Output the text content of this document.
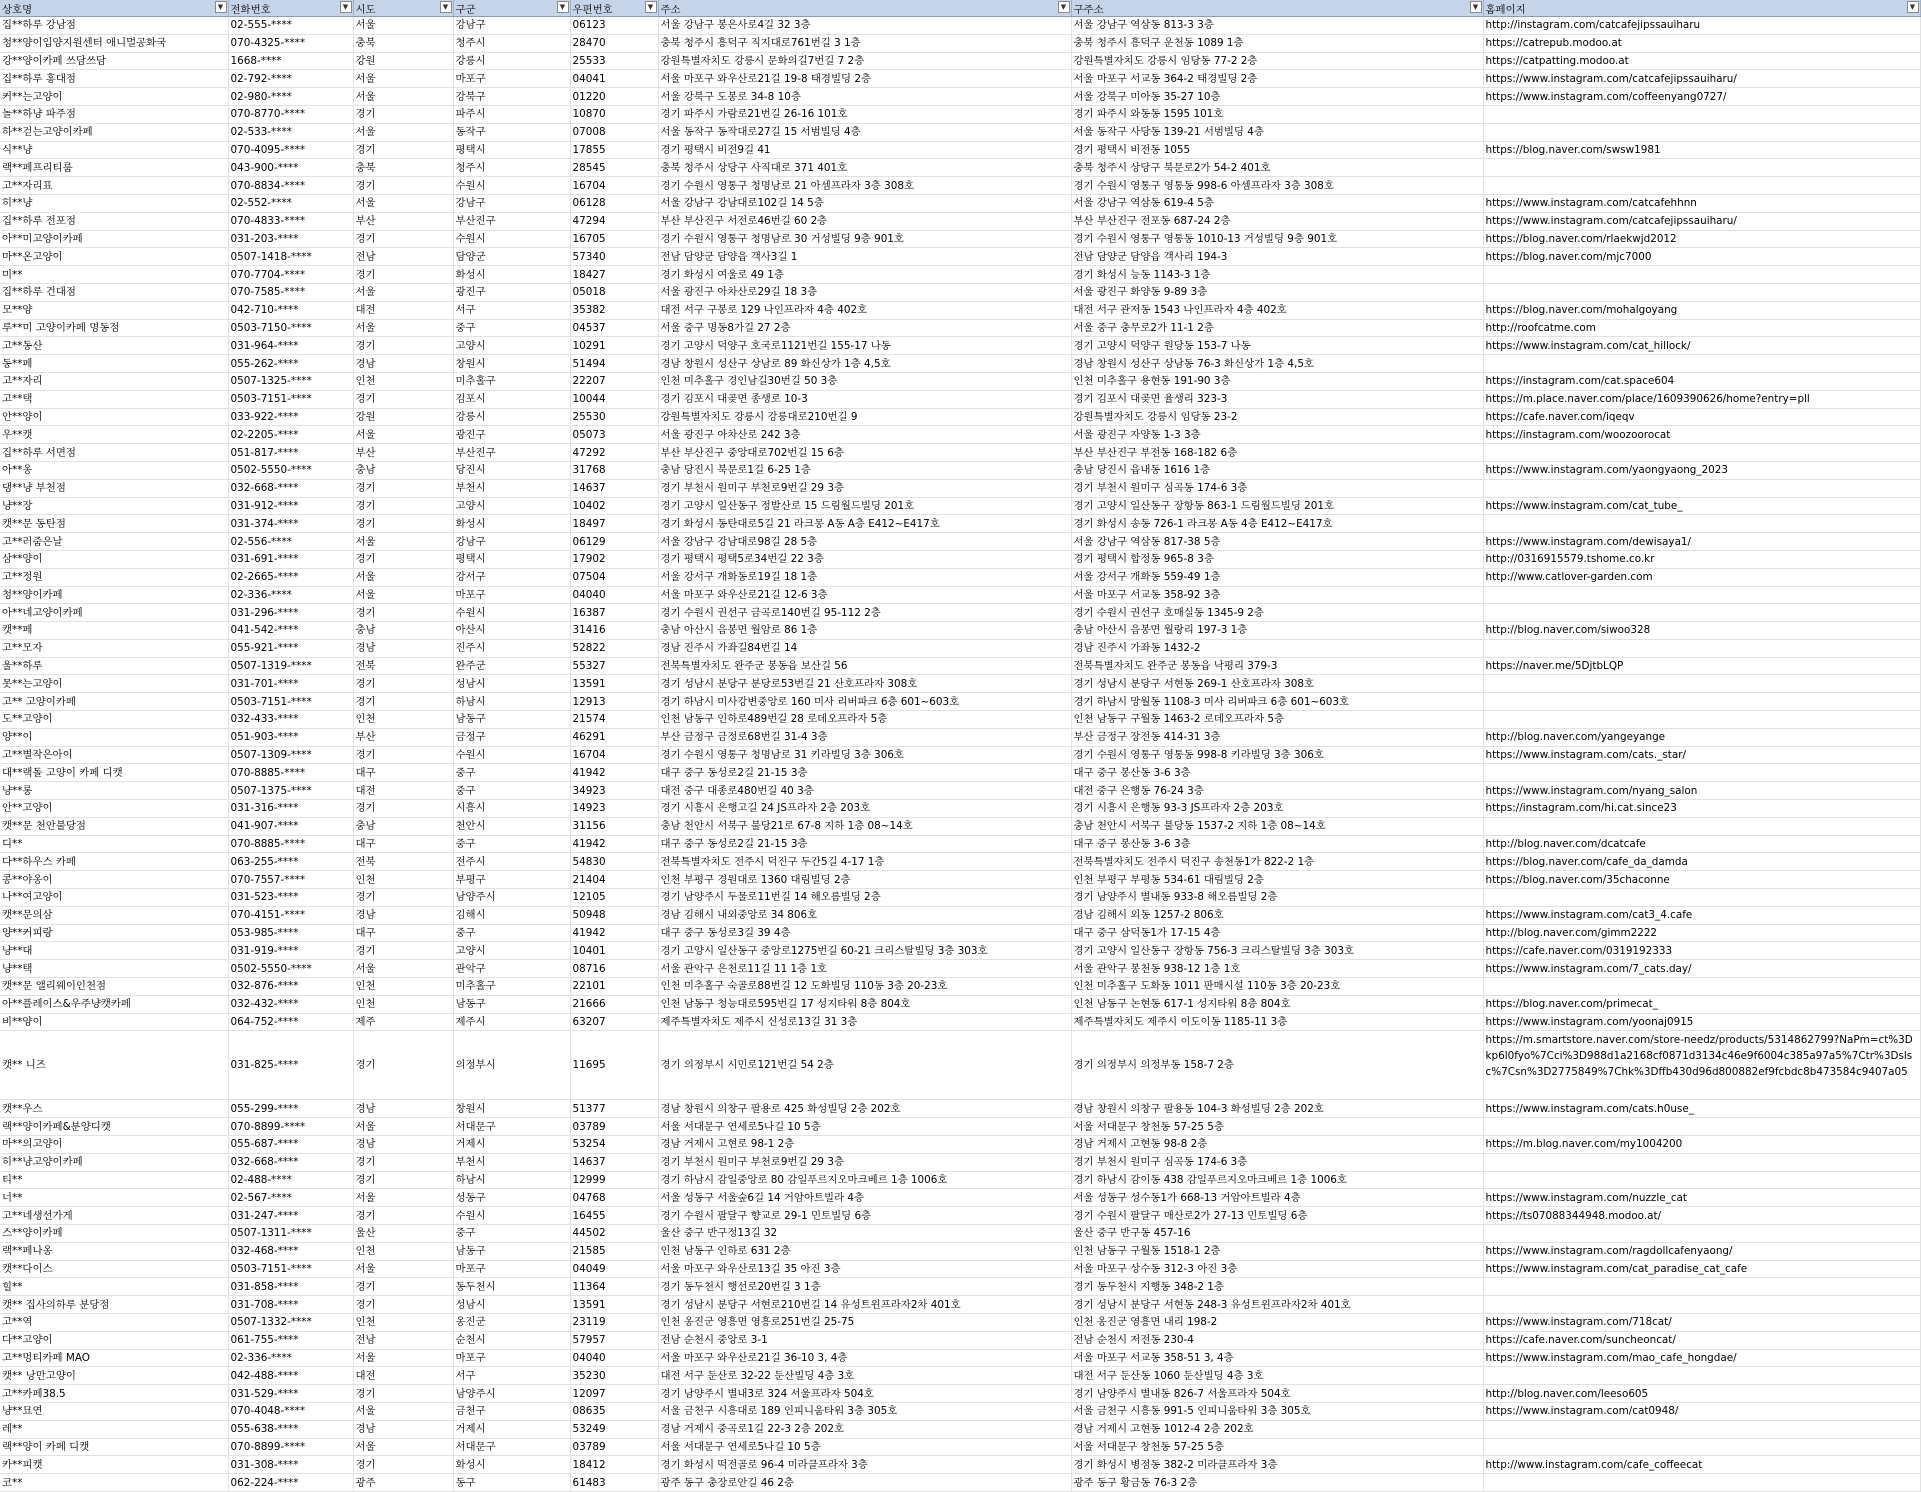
상호명 ▼	전화번호 ▼	시도 ▼	구군 ▼	우편번호 ▼	주소 ▼	구주소 ▼	홈페이지 ▼

집**하루 강남점	02-555-****	서울	강남구	06123	서울 강남구 봉은사로4길 32 3층	서울 강남구 역삼동 813-3 3층	http://instagram.com/catcafejipssauiharu
청**양이입양지원센터 애니멀공화국	070-4325-****	충북	청주시	28470	충북 청주시 흥덕구 직지대로761번길 3 1층	충북 청주시 흥덕구 운천동 1089 1층	https://catrepub.modoo.at
강**양이카페 쓰담쓰담	1668-****	강원	강릉시	25533	강원특별자치도 강릉시 문화의길7번길 7 2층	강원특별자치도 강릉시 임당동 77-2 2층	https://catpatting.modoo.at
집**하루 홍대점	02-792-****	서울	마포구	04041	서울 마포구 와우산로21길 19-8 태경빌딩 2층	서울 마포구 서교동 364-2 태경빌딩 2층	https://www.instagram.com/catcafejipssauiharu/
커**는고양이	02-980-****	서울	강북구	01220	서울 강북구 도봉로 34-8 10층	서울 강북구 미아동 35-27 10층	https://www.instagram.com/coffeenyang0727/
놀**하냥 파주점	070-8770-****	경기	파주시	10870	경기 파주시 가람로21번길 26-16 101호	경기 파주시 와동동 1595 101호	
하**걷는고양이카페	02-533-****	서울	동작구	07008	서울 동작구 동작대로27길 15 서범빌딩 4층	서울 동작구 사당동 139-21 서범빌딩 4층	
식**냥	070-4095-****	경기	평택시	17855	경기 평택시 비전9길 41	경기 평택시 비전동 1055	https://blog.naver.com/swsw1981
랙**페프리티룸	043-900-****	충북	청주시	28545	충북 청주시 상당구 사직대로 371 401호	충북 청주시 상당구 북문로2가 54-2 401호	
고**자리표	070-8834-****	경기	수원시	16704	경기 수원시 영통구 청명남로 21 아셈프라자 3층 308호	경기 수원시 영통구 영통동 998-6 아셈프라자 3층 308호	
히**냥	02-552-****	서울	강남구	06128	서울 강남구 강남대로102길 14 5층	서울 강남구 역삼동 619-4 5층	https://www.instagram.com/catcafehhnn
집**하루 전포점	070-4833-****	부산	부산진구	47294	부산 부산진구 서전로46번길 60 2층	부산 부산진구 전포동 687-24 2층	https://www.instagram.com/catcafejipssauiharu/
아**미고양이카페	031-203-****	경기	수원시	16705	경기 수원시 영통구 청명남로 30 거성빌딩 9층 901호	경기 수원시 영통구 영통동 1010-13 거성빌딩 9층 901호	https://blog.naver.com/rlaekwjd2012
마**온고양이	0507-1418-****	전남	담양군	57340	전남 담양군 담양읍 객사3길 1	전남 담양군 담양읍 객사리 194-3	https://blog.naver.com/mjc7000
미**	070-7704-****	경기	화성시	18427	경기 화성시 여울로 49 1층	경기 화성시 능동 1143-3 1층	
집**하루 건대점	070-7585-****	서울	광진구	05018	서울 광진구 아차산로29길 18 3층	서울 광진구 화양동 9-89 3층	
모**양	042-710-****	대전	서구	35382	대전 서구 구봉로 129 나인프라자 4층 402호	대전 서구 관저동 1543 나인프라자 4층 402호	https://blog.naver.com/mohalgoyang
루**미 고양이카페 명동점	0503-7150-****	서울	중구	04537	서울 중구 명동8가길 27 2층	서울 중구 충무로2가 11-1 2층	http://roofcatme.com
고**동산	031-964-****	경기	고양시	10291	경기 고양시 덕양구 호국로1121번길 155-17 나동	경기 고양시 덕양구 원당동 153-7 나동	https://www.instagram.com/cat_hillock/
동**페	055-262-****	경남	창원시	51494	경남 창원시 성산구 상남로 89 화신상가 1층 4,5호	경남 창원시 성산구 상남동 76-3 화신상가 1층 4,5호	
고**자리	0507-1325-****	인천	미추홀구	22207	인천 미추홀구 경인남길30번길 50 3층	인천 미추홀구 용현동 191-90 3층	https://instagram.com/cat.space604
고**택	0503-7151-****	경기	김포시	10044	경기 김포시 대곶면 종생로 10-3	경기 김포시 대곶면 율생리 323-3	https://m.place.naver.com/place/1609390626/home?entry=pll
안**양이	033-922-****	강원	강릉시	25530	강원특별자치도 강릉시 강릉대로210번길 9	강원특별자치도 강릉시 임당동 23-2	https://cafe.naver.com/iqeqv
우**캣	02-2205-****	서울	광진구	05073	서울 광진구 아차산로 242 3층	서울 광진구 자양동 1-3 3층	https://instagram.com/woozoorocat
집**하루 서면점	051-817-****	부산	부산진구	47292	부산 부산진구 중앙대로702번길 15 6층	부산 부산진구 부전동 168-182 6층	
아**옹	0502-5550-****	충남	당진시	31768	충남 당진시 북문로1길 6-25 1층	충남 당진시 읍내동 1616 1층	https://www.instagram.com/yaongyaong_2023
댕**냥 부천점	032-668-****	경기	부천시	14637	경기 부천시 원미구 부천로9번길 29 3층	경기 부천시 원미구 심곡동 174-6 3층	
냥**장	031-912-****	경기	고양시	10402	경기 고양시 일산동구 정발산로 15 드림월드빌딩 201호	경기 고양시 일산동구 장항동 863-1 드림월드빌딩 201호	https://www.instagram.com/cat_tube_
캣**문 동탄점	031-374-****	경기	화성시	18497	경기 화성시 동탄대로5길 21 라크몽 A동 A층 E412~E417호	경기 화성시 송동 726-1 라크몽 A동 4층 E412~E417호	
고**러줌은날	02-556-****	서울	강남구	06129	서울 강남구 강남대로98길 28 5층	서울 강남구 역삼동 817-38 5층	https://www.instagram.com/dewisaya1/
삼**양이	031-691-****	경기	평택시	17902	경기 평택시 평택5로34번길 22 3층	경기 평택시 합정동 965-8 3층	http://0316915579.tshome.co.kr
고**정원	02-2665-****	서울	강서구	07504	서울 강서구 개화동로19길 18 1층	서울 강서구 개화동 559-49 1층	http://www.catlover-garden.com
청**양이카페	02-336-****	서울	마포구	04040	서울 마포구 와우산로21길 12-6 3층	서울 마포구 서교동 358-92 3층	
아**네고양이카페	031-296-****	경기	수원시	16387	경기 수원시 권선구 금곡로140번길 95-112 2층	경기 수원시 권선구 호매실동 1345-9 2층	
캣**페	041-542-****	충남	아산시	31416	충남 아산시 음봉면 월암로 86 1층	충남 아산시 음봉면 월랑리 197-3 1층	http://blog.naver.com/siwoo328
고**모자	055-921-****	경남	진주시	52822	경남 진주시 가좌길84번길 14	경남 진주시 가좌동 1432-2	
울**하루	0507-1319-****	전북	완주군	55327	전북특별자치도 완주군 봉동읍 보산길 56	전북특별자치도 완주군 봉동읍 낙평리 379-3	https://naver.me/5DjtbLQP
못**는고양이	031-701-****	경기	성남시	13591	경기 성남시 분당구 분당로53번길 21 산호프라자 308호	경기 성남시 분당구 서현동 269-1 산호프라자 308호	
고** 고양이카페	0503-7151-****	경기	하남시	12913	경기 하남시 미사강변중앙로 160 미사 리버파크 6층 601~603호	경기 하남시 망월동 1108-3 미사 리버파크 6층 601~603호	
도**고양이	032-433-****	인천	남동구	21574	인천 남동구 인하로489번길 28 로데오프라자 5층	인천 남동구 구월동 1463-2 로데오프라자 5층	
양**이	051-903-****	부산	금정구	46291	부산 금정구 금정로68번길 31-4 3층	부산 금정구 장전동 414-31 3층	http://blog.naver.com/yangeyange
고**별작은아이	0507-1309-****	경기	수원시	16704	경기 수원시 영통구 청명남로 31 키라빌딩 3층 306호	경기 수원시 영통구 영통동 998-8 키라빌딩 3층 306호	https://www.instagram.com/cats._star/
대**랙돌 고양이 카페 디캣	070-8885-****	대구	중구	41942	대구 중구 동성로2길 21-15 3층	대구 중구 봉산동 3-6 3층	
냥**롱	0507-1375-****	대전	중구	34923	대전 중구 대종로480번길 40 3층	대전 중구 은행동 76-24 3층	https://www.instagram.com/nyang_salon
안**고양이	031-316-****	경기	시흥시	14923	경기 시흥시 은행고길 24 JS프라자 2층 203호	경기 시흥시 은행동 93-3 JS프라자 2층 203호	https://instagram.com/hi.cat.since23
캣**문 천안불당점	041-907-****	충남	천안시	31156	충남 천안시 서북구 불당21로 67-8 지하 1층 08~14호	충남 천안시 서북구 불당동 1537-2 지하 1층 08~14호	
디**	070-8885-****	대구	중구	41942	대구 중구 동성로2길 21-15 3층	대구 중구 봉산동 3-6 3층	http://blog.naver.com/dcatcafe
다**하우스 카페	063-255-****	전북	전주시	54830	전북특별자치도 전주시 덕진구 두간5길 4-17 1층	전북특별자치도 전주시 덕진구 송천동1가 822-2 1층	https://blog.naver.com/cafe_da_damda
콩**야옹이	070-7557-****	인천	부평구	21404	인천 부평구 경원대로 1360 대림빌딩 2층	인천 부평구 부평동 534-61 대림빌딩 2층	https://blog.naver.com/35chaconne
나**여고양이	031-523-****	경기	남양주시	12105	경기 남양주시 두물로11번길 14 해오름빌딩 2층	경기 남양주시 별내동 933-8 해오름빌딩 2층	
캣**문의삼	070-4151-****	경남	김해시	50948	경남 김해시 내외중앙로 34 806호	경남 김해시 외동 1257-2 806호	https://www.instagram.com/cat3_4.cafe
양**커피랑	053-985-****	대구	중구	41942	대구 중구 동성로3길 39 4층	대구 중구 삼덕동1가 17-15 4층	http://blog.naver.com/gimm2222
냥**대	031-919-****	경기	고양시	10401	경기 고양시 일산동구 중앙로1275번길 60-21 크리스탈빌딩 3층 303호	경기 고양시 일산동구 장항동 756-3 크리스탈빌딩 3층 303호	https://cafe.naver.com/0319192333
냥**택	0502-5550-****	서울	관악구	08716	서울 관악구 은천로11길 11 1층 1호	서울 관악구 봉천동 938-12 1층 1호	https://www.instagram.com/7_cats.day/
캣**문 앨리웨이인천점	032-876-****	인천	미추홀구	22101	인천 미추홀구 숙골로88번길 12 도화빌딩 110동 3층 20-23호	인천 미추홀구 도화동 1011 판매시설 110동 3층 20-23호	
아**플레이스&우주냥캣카페	032-432-****	인천	남동구	21666	인천 남동구 청능대로595번길 17 성지타워 8층 804호	인천 남동구 논현동 617-1 성지타워 8층 804호	https://blog.naver.com/primecat_
비**양이	064-752-****	제주	제주시	63207	제주특별자치도 제주시 신성로13길 31 3층	제주특별자치도 제주시 이도이동 1185-11 3층	https://www.instagram.com/yoonaj0915
캣** 니즈	031-825-****	경기	의정부시	11695	경기 의정부시 시민로121번길 54 2층	경기 의정부시 의정부동 158-7 2층	https://m.smartstore.naver.com/store-needz/products/5314862799?NaPm=ct%3Dkp6l0fyo%7Cci%3D988d1a2168cf0871d3134c46e9f6004c385a97a5%7Ctr%3Dslsc%7Csn%3D2775849%7Chk%3Dffb430d96d800882ef9fcbdc8b473584c9407a05
캣**우스	055-299-****	경남	창원시	51377	경남 창원시 의창구 팔용로 425 화성빌딩 2층 202호	경남 창원시 의창구 팔용동 104-3 화성빌딩 2층 202호	https://www.instagram.com/cats.h0use_
랙**양이카페&분양디캣	070-8899-****	서울	서대문구	03789	서울 서대문구 연세로5나길 10 5층	서울 서대문구 창천동 57-25 5층	
마**의고양이	055-687-****	경남	거제시	53254	경남 거제시 고현로 98-1 2층	경남 거제시 고현동 98-8 2층	https://m.blog.naver.com/my1004200
히**냥고양이카페	032-668-****	경기	부천시	14637	경기 부천시 원미구 부천로9번길 29 3층	경기 부천시 원미구 심곡동 174-6 3층	
티**	02-488-****	경기	하남시	12999	경기 하남시 감일중앙로 80 감일푸르지오마크베르 1층 1006호	경기 하남시 감이동 438 감일푸르지오마크베르 1층 1006호	
너**	02-567-****	서울	성동구	04768	서울 성동구 서울숲6길 14 거암아트빌라 4층	서울 성동구 성수동1가 668-13 거암아트빌라 4층	https://www.instagram.com/nuzzle_cat
고**네생선가게	031-247-****	경기	수원시	16455	경기 수원시 팔달구 향교로 29-1 민토빌딩 6층	경기 수원시 팔달구 매산로2가 27-13 민토빌딩 6층	https://ts07088344948.modoo.at/
스**양이카페	0507-1311-****	울산	중구	44502	울산 중구 반구정13길 32	울산 중구 반구동 457-16	
랙**페나옹	032-468-****	인천	남동구	21585	인천 남동구 인하로 631 2층	인천 남동구 구월동 1518-1 2층	https://www.instagram.com/ragdollcafenyaong/
캣**다이스	0503-7151-****	서울	마포구	04049	서울 마포구 와우산로13길 35 아진 3층	서울 마포구 상수동 312-3 아진 3층	https://www.instagram.com/cat_paradise_cat_cafe
힐**	031-858-****	경기	동두천시	11364	경기 동두천시 행선로20번길 3 1층	경기 동두천시 지행동 348-2 1층	
캣** 집사의하루 분당점	031-708-****	경기	성남시	13591	경기 성남시 분당구 서현로210번길 14 유성트윈프라자2차 401호	경기 성남시 분당구 서현동 248-3 유성트윈프라자2차 401호	
고**역	0507-1332-****	인천	옹진군	23119	인천 옹진군 영흥면 영흥로251번길 25-75	인천 옹진군 영흥면 내리 198-2	https://www.instagram.com/718cat/
다**고양이	061-755-****	전남	순천시	57957	전남 순천시 중앙로 3-1	전남 순천시 저전동 230-4	https://cafe.naver.com/suncheoncat/
고**멍티카페 MAO	02-336-****	서울	마포구	04040	서울 마포구 와우산로21길 36-10 3, 4층	서울 마포구 서교동 358-51 3, 4층	https://www.instagram.com/mao_cafe_hongdae/
캣** 낭만고양이	042-488-****	대전	서구	35230	대전 서구 둔산로 32-22 둔산빌딩 4층 3호	대전 서구 둔산동 1060 둔산빌딩 4층 3호	
고**카페38.5	031-529-****	경기	남양주시	12097	경기 남양주시 별내3로 324 서울프라자 504호	경기 남양주시 별내동 826-7 서울프라자 504호	http://blog.naver.com/leeso605
냥**묘연	070-4048-****	서울	금천구	08635	서울 금천구 시흥대로 189 인피니움타워 3층 305호	서울 금천구 시흥동 991-5 인피니움타워 3층 305호	https://www.instagram.com/cat0948/
레**	055-638-****	경남	거제시	53249	경남 거제시 중곡로1길 22-3 2층 202호	경남 거제시 고현동 1012-4 2층 202호	
랙**양이 카페 디캣	070-8899-****	서울	서대문구	03789	서울 서대문구 연세로5나길 10 5층	서울 서대문구 창천동 57-25 5층	
카**피캣	031-308-****	경기	화성시	18412	경기 화성시 떡전골로 96-4 미라클프라자 3층	경기 화성시 병점동 382-2 미라클프라자 3층	http://www.instagram.com/cafe_coffeecat
코**	062-224-****	광주	동구	61483	광주 동구 충장로안길 46 2층	광주 동구 황금동 76-3 2층	
